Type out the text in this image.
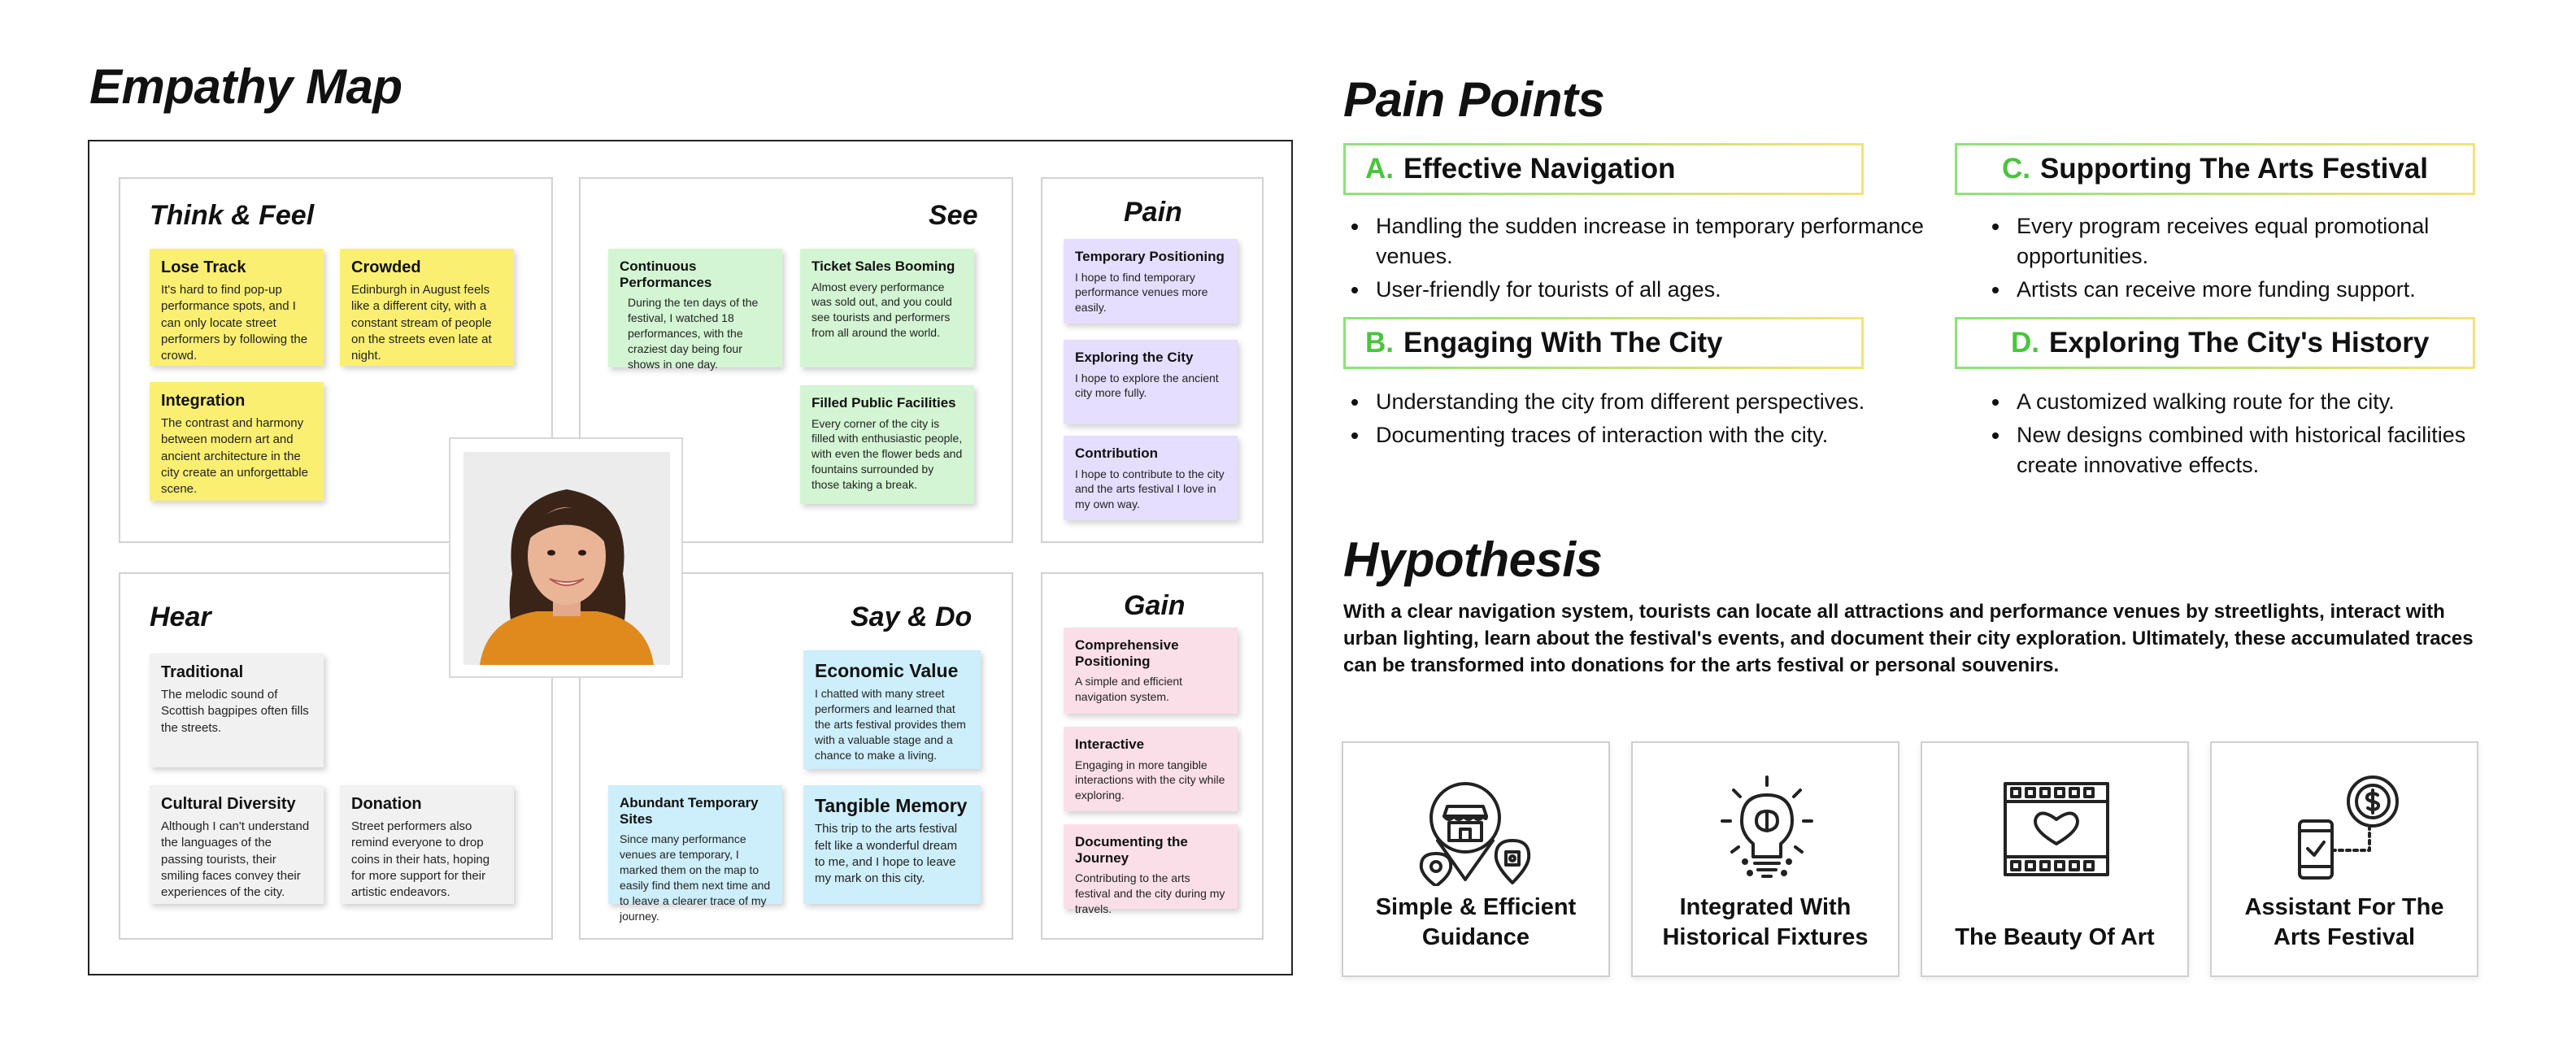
Empathy Map
Think & Feel
Lose Track
It's hard to find pop-up performance spots, and I can only locate street performers by following the crowd.
Crowded
Edinburgh in August feels like a different city, with a constant stream of people on the streets even late at night.
Integration
The contrast and harmony between modern art and ancient architecture in the city create an unforgettable scene.
See
Continuous Performances
During the ten days of the festival, I watched 18 performances, with the craziest day being four shows in one day.
Ticket Sales Booming
Almost every performance was sold out, and you could see tourists and performers from all around the world.
Filled Public Facilities
Every corner of the city is filled with enthusiastic people, with even the flower beds and fountains surrounded by those taking a break.
Pain
Temporary Positioning
I hope to find temporary performance venues more easily.
Exploring the City
I hope to explore the ancient city more fully.
Contribution
I hope to contribute to the city and the arts festival I love in my own way.
Hear
Traditional
The melodic sound of Scottish bagpipes often fills the streets.
Cultural Diversity
Although I can't understand the languages of the passing tourists, their smiling faces convey their experiences of the city.
Donation
Street performers also remind everyone to drop coins in their hats, hoping for more support for their artistic endeavors.
Say & Do
Economic Value
I chatted with many street performers and learned that the arts festival provides them with a valuable stage and a chance to make a living.
Abundant Temporary Sites
Since many performance venues are temporary, I marked them on the map to easily find them next time and to leave a clearer trace of my journey.
Tangible Memory
This trip to the arts festival felt like a wonderful dream to me, and I hope to leave my mark on this city.
Gain
Comprehensive Positioning
A simple and efficient navigation system.
Interactive
Engaging in more tangible interactions with the city while exploring.
Documenting the Journey
Contributing to the arts festival and the city during my travels.
Pain Points
A. Effective Navigation
Handling the sudden increase in temporary performance venues.
User-friendly for tourists of all ages.
B. Engaging With The City
Understanding the city from different perspectives.
Documenting traces of interaction with the city.
C. Supporting The Arts Festival
Every program receives equal promotional opportunities.
Artists can receive more funding support.
D. Exploring The City's History
A customized walking route for the city.
New designs combined with historical facilities create innovative effects.
Hypothesis
With a clear navigation system, tourists can locate all attractions and performance venues by streetlights, interact with urban lighting, learn about the festival's events, and document their city exploration. Ultimately, these accumulated traces can be transformed into donations for the arts festival or personal souvenirs.
Simple & Efficient Guidance
Integrated With Historical Fixtures	The Beauty Of Art
Assistant For The Arts Festival
